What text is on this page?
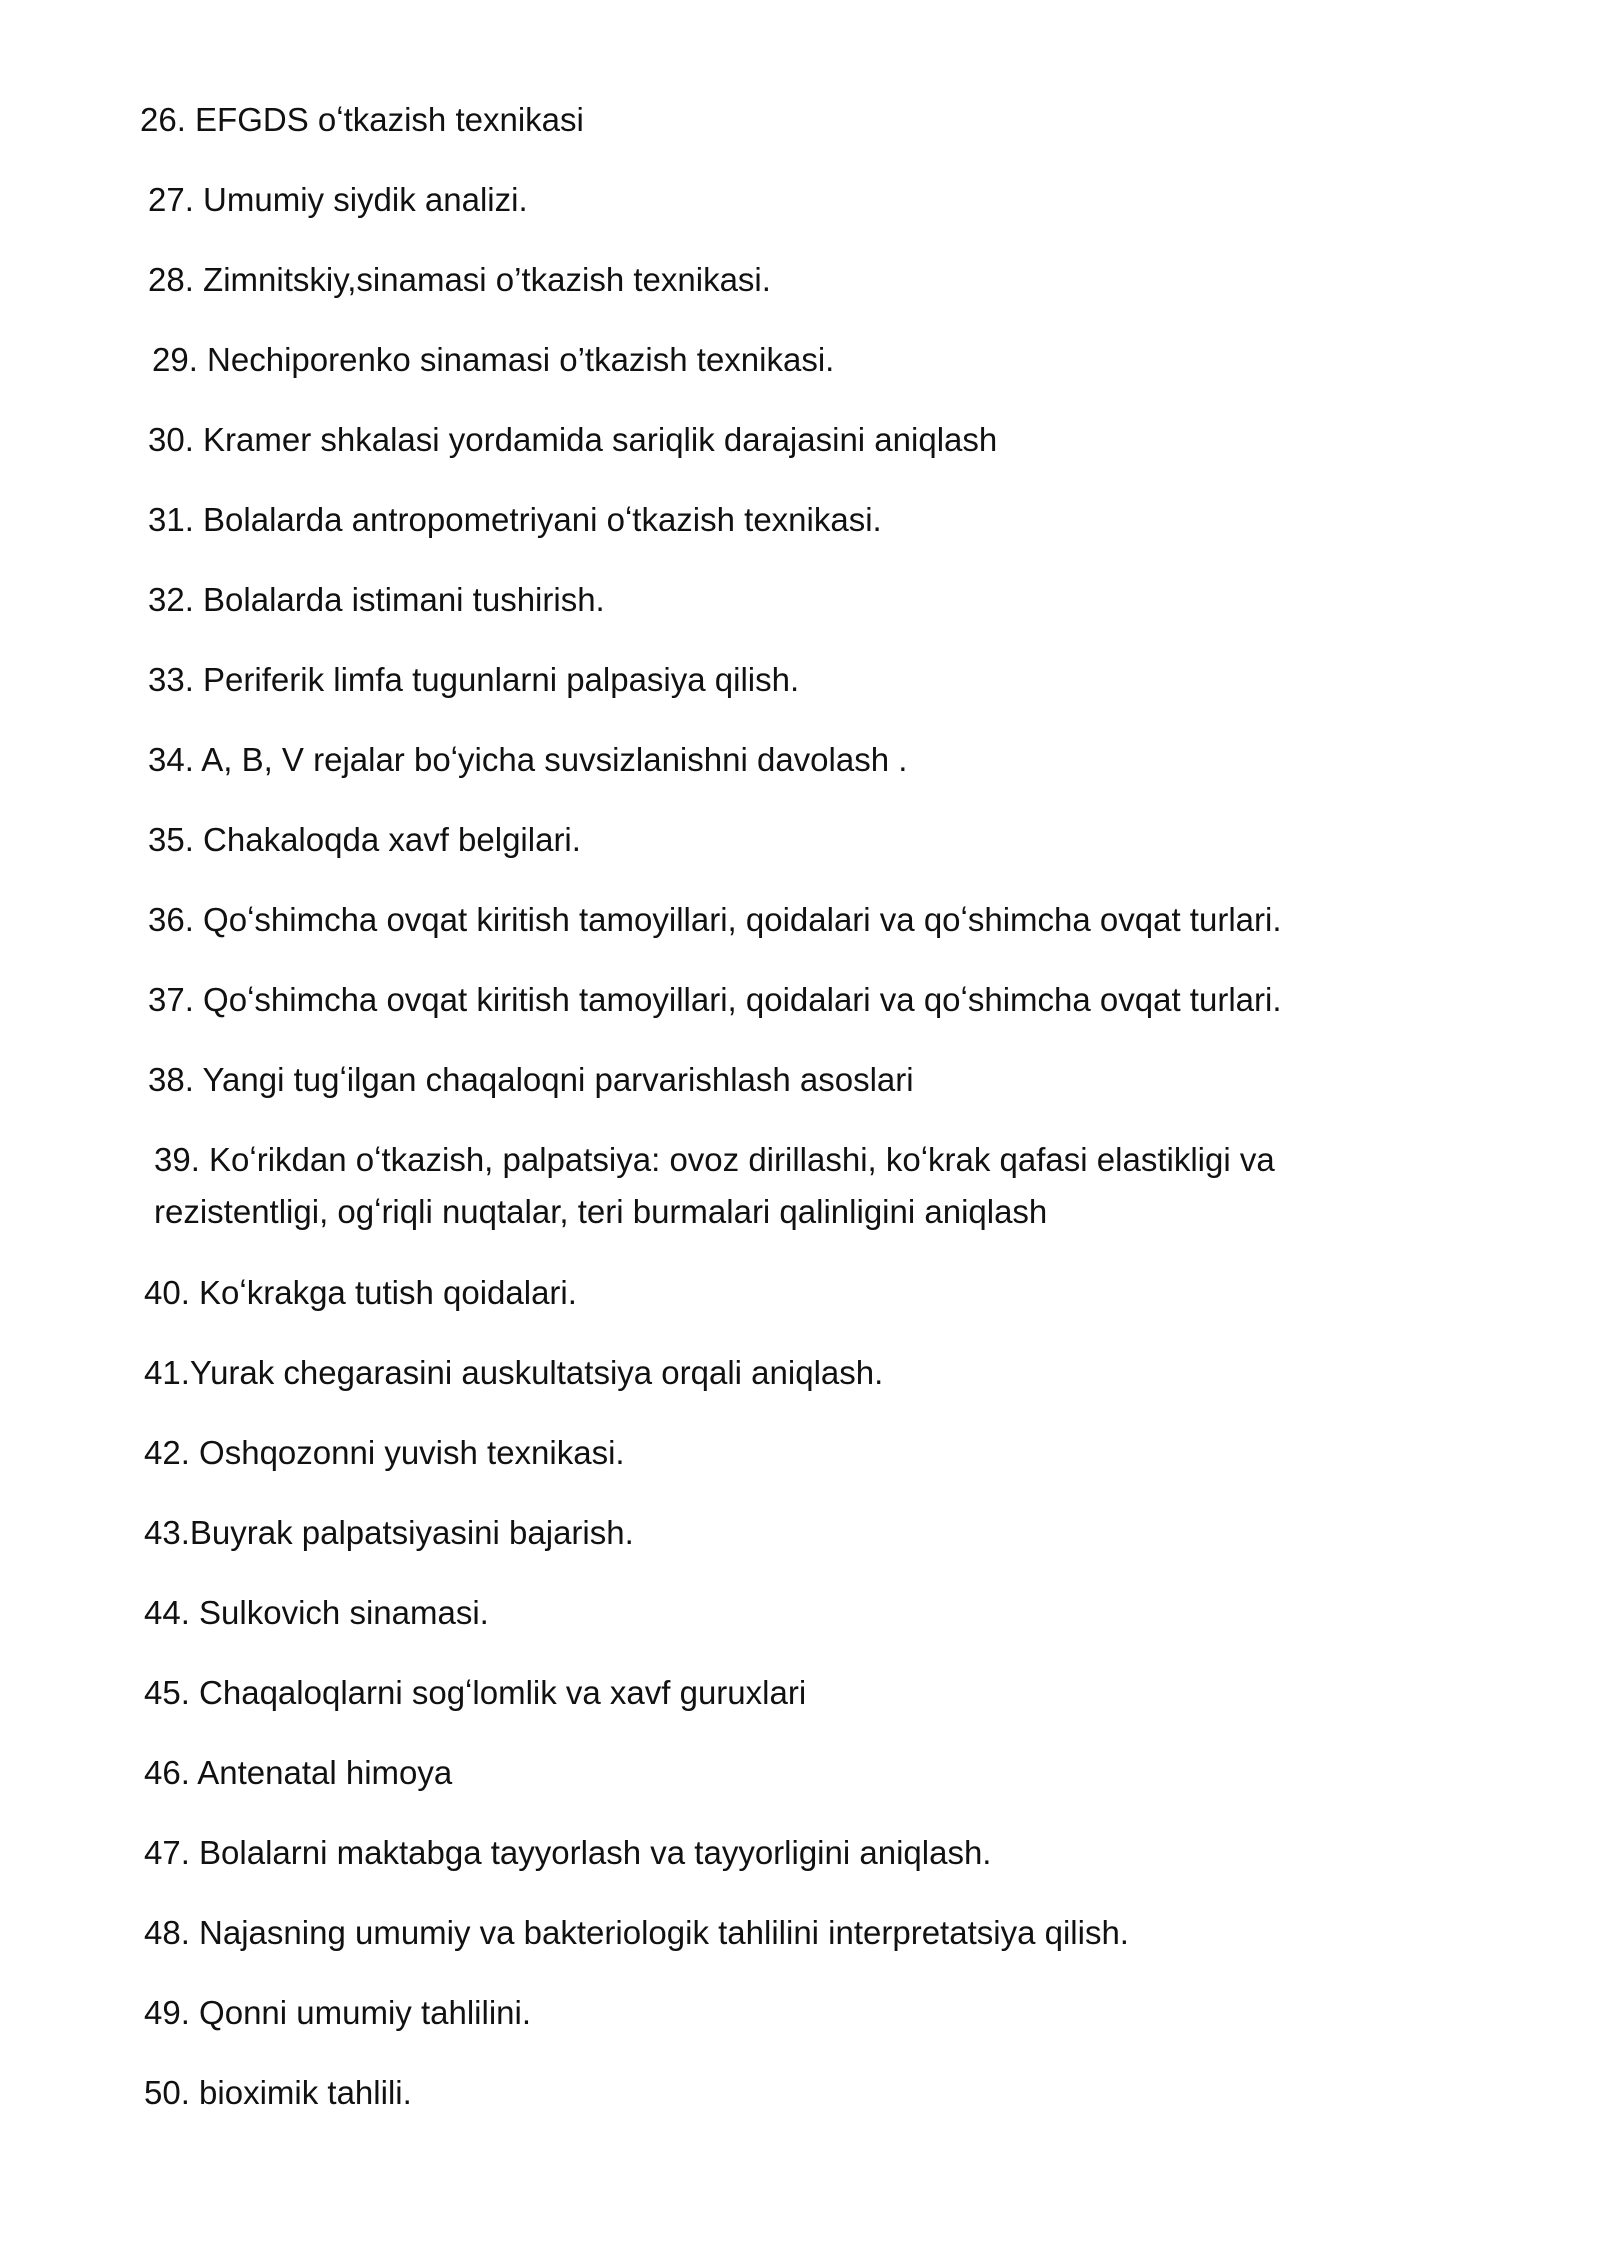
26. EFGDS oʻtkazish texnikasi

27. Umumiy siydik analizi.

28. Zimnitskiy,sinamasi o’tkazish texnikasi.

29. Nechiporenko sinamasi o’tkazish texnikasi.

30. Kramer shkalasi yordamida sariqlik darajasini aniqlash

31. Bolalarda antropometriyani oʻtkazish texnikasi.

32. Bolalarda istimani tushirish.

33. Periferik limfa tugunlarni palpasiya qilish.

34. A, B, V rejalar boʻyicha suvsizlanishni davolash .

35. Chakaloqda xavf belgilari.

36. Qoʻshimcha ovqat kiritish tamoyillari, qoidalari va qoʻshimcha ovqat turlari.

37. Qoʻshimcha ovqat kiritish tamoyillari, qoidalari va qoʻshimcha ovqat turlari.

38. Yangi tugʻilgan chaqaloqni parvarishlash asoslari

39. Koʻrikdan oʻtkazish, palpatsiya: ovoz dirillashi, koʻkrak qafasi elastikligi va rezistentligi, ogʻriqli nuqtalar, teri burmalari qalinligini aniqlash

40. Koʻkrakga tutish qoidalari.

41.Yurak chegarasini auskultatsiya orqali aniqlash.

42. Oshqozonni yuvish texnikasi.

43.Buyrak palpatsiyasini bajarish.

44. Sulkovich sinamasi.

45. Chaqaloqlarni sogʻlomlik va xavf guruxlari

46. Antenatal himoya

47. Bolalarni maktabga tayyorlash va tayyorligini aniqlash.

48. Najasning umumiy va bakteriologik tahlilini interpretatsiya qilish.

49. Qonni umumiy tahlilini.

50. bioximik tahlili.
